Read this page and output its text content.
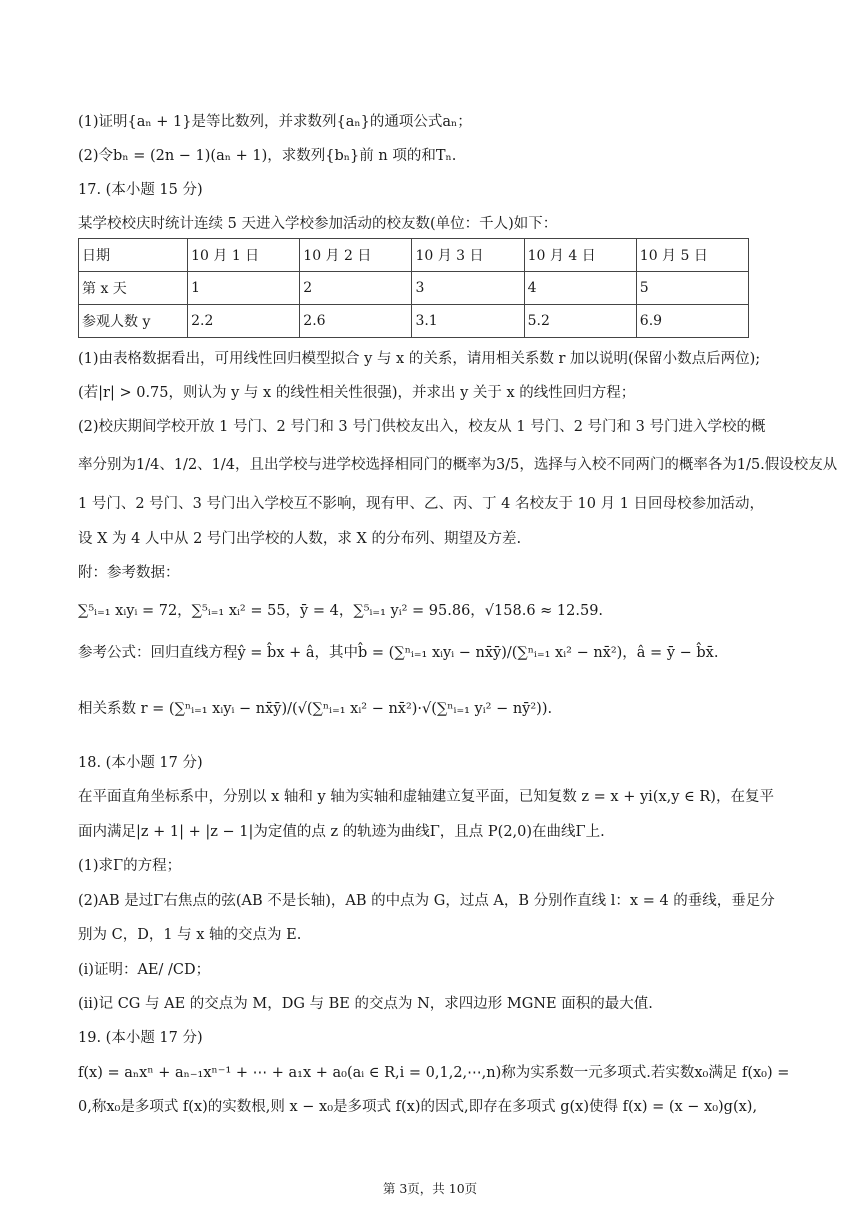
(1)证明{aₙ + 1}是等比数列，并求数列{aₙ}的通项公式aₙ；
(2)令bₙ = (2n − 1)(aₙ + 1)，求数列{bₙ}前 n 项的和Tₙ.
17. (本小题 15 分)
某学校校庆时统计连续 5 天进入学校参加活动的校友数(单位：千人)如下：
日期	10 月 1 日	10 月 2 日	10 月 3 日	10 月 4 日	10 月 5 日
第 x 天	1	2	3	4	5
参观人数 y	2.2	2.6	3.1	5.2	6.9
(1)由表格数据看出，可用线性回归模型拟合 y 与 x 的关系，请用相关系数 r 加以说明(保留小数点后两位);
(若|r| > 0.75，则认为 y 与 x 的线性相关性很强)，并求出 y 关于 x 的线性回归方程；
(2)校庆期间学校开放 1 号门、2 号门和 3 号门供校友出入，校友从 1 号门、2 号门和 3 号门进入学校的概
率分别为1/4、1/2、1/4，且出学校与进学校选择相同门的概率为3/5，选择与入校不同两门的概率各为1/5.假设校友从
1 号门、2 号门、3 号门出入学校互不影响，现有甲、乙、丙、丁 4 名校友于 10 月 1 日回母校参加活动，
设 X 为 4 人中从 2 号门出学校的人数，求 X 的分布列、期望及方差.
附：参考数据：
∑⁵ᵢ₌₁ xᵢyᵢ = 72，∑⁵ᵢ₌₁ xᵢ² = 55，ȳ = 4，∑⁵ᵢ₌₁ yᵢ² = 95.86，√158.6 ≈ 12.59.
参考公式：回归直线方程ŷ = b̂x + â，其中b̂ = (∑ⁿᵢ₌₁ xᵢyᵢ − nx̄ȳ)/(∑ⁿᵢ₌₁ xᵢ² − nx̄²)，â = ȳ − b̂x̄.
相关系数 r = (∑ⁿᵢ₌₁ xᵢyᵢ − nx̄ȳ)/(√(∑ⁿᵢ₌₁ xᵢ² − nx̄²)·√(∑ⁿᵢ₌₁ yᵢ² − nȳ²)).
18. (本小题 17 分)
在平面直角坐标系中，分别以 x 轴和 y 轴为实轴和虚轴建立复平面，已知复数 z = x + yi(x,y ∈ R)，在复平
面内满足|z + 1| + |z − 1|为定值的点 z 的轨迹为曲线Γ，且点 P(2,0)在曲线Γ上.
(1)求Γ的方程；
(2)AB 是过Γ右焦点的弦(AB 不是长轴)，AB 的中点为 G，过点 A，B 分别作直线 l：x = 4 的垂线，垂足分
别为 C，D，1 与 x 轴的交点为 E.
(i)证明：AE/ /CD；
(ii)记 CG 与 AE 的交点为 M，DG 与 BE 的交点为 N，求四边形 MGNE 面积的最大值.
19. (本小题 17 分)
f(x) = aₙxⁿ + aₙ₋₁xⁿ⁻¹ + ⋯ + a₁x + a₀(aᵢ ∈ R,i = 0,1,2,⋯,n)称为实系数一元多项式.若实数x₀满足 f(x₀) =
0,称x₀是多项式 f(x)的实数根,则 x − x₀是多项式 f(x)的因式,即存在多项式 g(x)使得 f(x) = (x − x₀)g(x),
第 3页，共 10页
